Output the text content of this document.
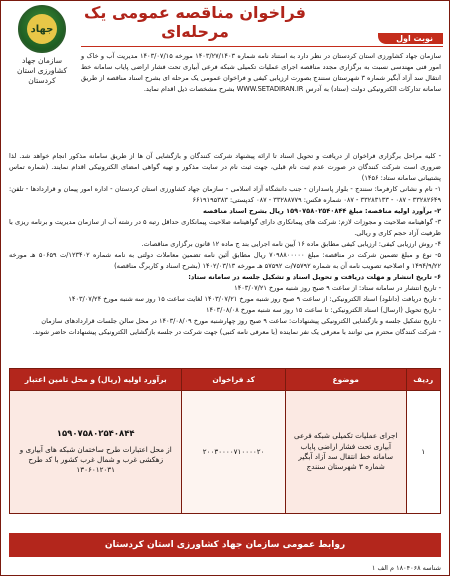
فراخوان مناقصه عمومی یک مرحله‌ای
جهاد
سازمان جهاد کشاورزی استان کردستان
نوبت اول
سازمان جهاد کشاورزی استان کردستان در نظر دارد به استناد نامه شماره ۱۴۰۳/۲۷/۱۴۰۳ مورخه ۱۴۰۳/۰۷/۱۵ مدیریت آب و خاک و امور فنی مهندسی نسبت به برگزاری مجدد مناقصه اجرای عملیات تکمیلی شبکه فرعی آبیاری تحت فشار اراضی پایاب سامانه خط انتقال سد آزاد آبگیر شماره ۳ شهرستان سنندج بصورت ارزیابی کیفی و فراخوان عمومی یک مرحله ای بشرح اسناد مناقصه از طریق سامانه تدارکات الکترونیکی دولت (ستاد) به آدرس WWW.SETADIRAN.IR بشرح مشخصات ذیل اقدام نماید.

- کلیه مراحل برگزاری فراخوان از دریافت و تحویل اسناد تا ارائه پیشنهاد شرکت کنندگان و بازگشایی آن ها از طریق سامانه مذکور انجام خواهد شد. لذا ضروری است شرکت کنندگان در صورت عدم ثبت نام قبلی، جهت ثبت نام در سایت مذکور و تهیه گواهی امضای الکترونیکی اقدام نمایند. (شماره تماس پشتیبانی سامانه ستاد: ۱۴۵۶)

۱- نام و نشانی کارفرما: سنندج - بلوار پاسداران - جنب دانشگاه آزاد اسلامی - سازمان جهاد کشاورزی استان کردستان - اداره امور پیمان و قراردادها - تلفن: ۳۳۲۸۲۶۴۹ - ۰۸۷ - ۳۳۲۸۳۱۳۳ - ۰۸۷ شماره فکس: ۳۳۲۸۸۷۷۹ - ۰۸۷ کدپستی: ۶۶۱۹۱۹۵۳۸۳

۲- برآورد اولیه مناقصه: مبلغ ۱۵۹۰۷۵۸۰۲۵۴۰۸۴۴ ریال بشرح اسناد مناقصه

۳- گواهینامه صلاحیت و مجوزات لازم: شرکت های پیمانکاری دارای گواهینامه صلاحیت پیمانکاری حداقل رتبه ۵ در رشته آب از سازمان مدیریت و برنامه ریزی با ظرفیت آزاد حجم کاری و ریالی.

۴- روش ارزیابی کیفی: ارزیابی کیفی مطابق ماده ۱۶ آیین نامه اجرایی بند ج ماده ۱۲ قانون برگزاری مناقصات.

۵- نوع و مبلغ تضمین شرکت در مناقصه: مبلغ ۷۰۹۸۸۰۰۰۰۰ ریال مطابق آئین نامه تضمین معاملات دولتی به نامه شماره ۱۲۳۴۰۲/ت ۵۰۶۵۹ هـ مورخه ۱۴۹۴/۹/۲۲ و اصلاحیه تصویب نامه آن به شماره ۷۵۷۹۲/ت ۵۷۵۹۲ هـ مورخه ۱۴۰۲/۰۳/۱۳ (بشرح اسناد و کاربرگ مناقصه)

۶- تاریخ انتشار و مهلت دریافت و تحویل اسناد و تشکیل جلسه در سامانه ستاد:

- تاریخ انتشار در سامانه ستاد: از ساعت ۹ صبح روز شنبه مورخ ۱۴۰۳/۰۷/۲۱

- تاریخ دریافت (دانلود) اسناد الکترونیکی: از ساعت ۹ صبح روز شنبه مورخ ۱۴۰۳/۰۷/۲۱ لغایت ساعت ۱۵ روز سه شنبه مورخ ۱۴۰۳/۰۷/۲۴

- تاریخ تحویل (ارسال) اسناد الکترونیکی: تا ساعت ۱۵ روز سه شنبه مورخ ۱۴۰۳/۰۸/۰۸

- تاریخ تشکیل جلسه و بازگشایی الکترونیکی پیشنهادات: ساعت ۹ صبح روز چهارشنبه مورخ ۱۴۰۳/۰۸/۰۹ در محل سالن جلسات قراردادهای سازمان

- شرکت کنندگان محترم می توانند با معرفی یک نفر نماینده (با معرفی نامه کتبی) جهت شرکت در جلسه بازگشایی الکترونیکی پیشنهادات حاضر شوند.

ردیف	موضوع	کد فراخوان	برآورد اولیه (ریال) و محل تامین اعتبار
۱	اجرای عملیات تکمیلی شبکه فرعی آبیاری تحت فشار اراضی پایاب سامانه خط انتقال سد آزاد آبگیر شماره ۳ شهرستان سنندج	۲۰۰۳۰۰۰۰۷۱۰۰۰۰۲۰	۱۵۹۰۷۵۸۰۲۵۴۰۸۴۴
از محل اعتبارات طرح ساختمان شبکه های آبیاری و زهکشی غرب و شمال غرب کشور با کد طرح ۱۳۰۶۰۱۲۰۳۱
روابط عمومی سازمان جهاد کشاورزی استان کردستان
شناسه ۱۸۰۴۰۶۸ م الف ۱
